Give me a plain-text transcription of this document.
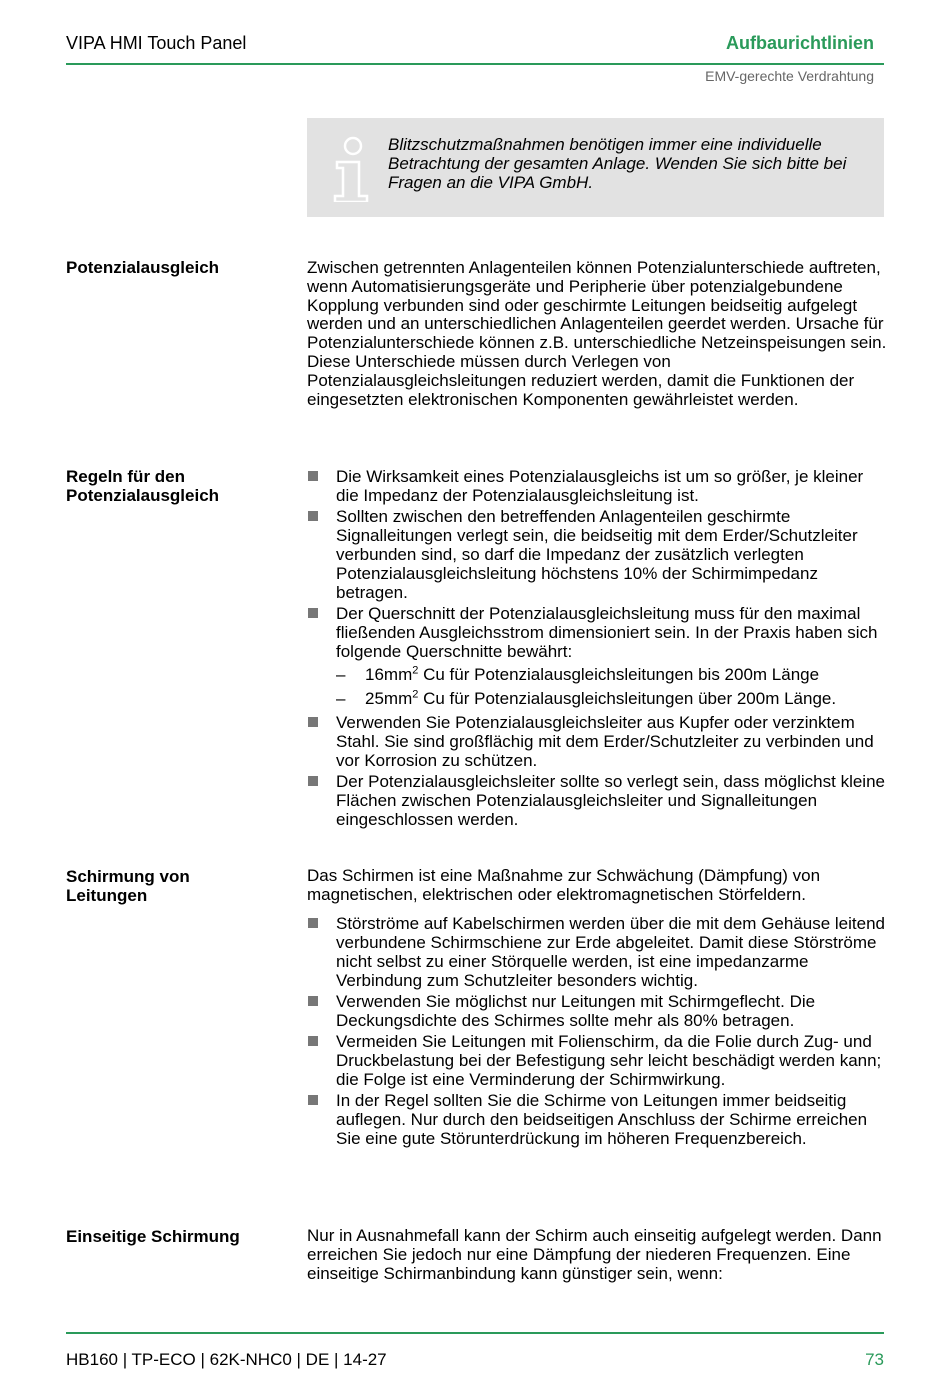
VIPA HMI Touch Panel	Aufbaurichtlinien
EMV-gerechte Verdrahtung
Blitzschutzmaßnahmen benötigen immer eine individuelle Betrachtung der gesamten Anlage. Wenden Sie sich bitte bei Fragen an die VIPA GmbH.
Potenzialausgleich	Zwischen getrennten Anlagenteilen können Potenzialunterschiede auftreten, wenn Automatisierungsgeräte und Peripherie über potenzialgebundene Kopplung verbunden sind oder geschirmte Leitungen beidseitig aufgelegt werden und an unterschiedlichen Anlagenteilen geerdet werden. Ursache für Potenzialunterschiede können z.B. unterschiedliche Netzeinspeisungen sein. Diese Unterschiede müssen durch Verlegen von Potenzialausgleichsleitungen reduziert werden, damit die Funktionen der eingesetzten elektronischen Komponenten gewährleistet werden.
Regeln für den Potenzialausgleich
Die Wirksamkeit eines Potenzialausgleichs ist um so größer, je kleiner die Impedanz der Potenzialausgleichsleitung ist.
Sollten zwischen den betreffenden Anlagenteilen geschirmte Signalleitungen verlegt sein, die beidseitig mit dem Erder/Schutzleiter verbunden sind, so darf die Impedanz der zusätzlich verlegten Potenzialausgleichsleitung höchstens 10% der Schirmimpedanz betragen.
Der Querschnitt der Potenzialausgleichsleitung muss für den maximal fließenden Ausgleichsstrom dimensioniert sein. In der Praxis haben sich folgende Querschnitte bewährt:
– $16mm^2$ Cu für Potenzialausgleichsleitungen bis 200m Länge
– $25mm^2$ Cu für Potenzialausgleichsleitungen über 200m Länge.
Verwenden Sie Potenzialausgleichsleiter aus Kupfer oder verzinktem Stahl. Sie sind großflächig mit dem Erder/Schutzleiter zu verbinden und vor Korrosion zu schützen.
Der Potenzialausgleichsleiter sollte so verlegt sein, dass möglichst kleine Flächen zwischen Potenzialausgleichsleiter und Signalleitungen eingeschlossen werden.
Schirmung von Leitungen
Das Schirmen ist eine Maßnahme zur Schwächung (Dämpfung) von magnetischen, elektrischen oder elektromagnetischen Störfeldern.
Störströme auf Kabelschirmen werden über die mit dem Gehäuse leitend verbundene Schirmschiene zur Erde abgeleitet. Damit diese Störströme nicht selbst zu einer Störquelle werden, ist eine impedanzarme Verbindung zum Schutzleiter besonders wichtig.
Verwenden Sie möglichst nur Leitungen mit Schirmgeflecht. Die Deckungsdichte des Schirmes sollte mehr als 80% betragen.
Vermeiden Sie Leitungen mit Folienschirm, da die Folie durch Zug- und Druckbelastung bei der Befestigung sehr leicht beschädigt werden kann; die Folge ist eine Verminderung der Schirmwirkung.
In der Regel sollten Sie die Schirme von Leitungen immer beidseitig auflegen. Nur durch den beidseitigen Anschluss der Schirme erreichen Sie eine gute Störunterdrückung im höheren Frequenzbereich.
Einseitige Schirmung	Nur in Ausnahmefall kann der Schirm auch einseitig aufgelegt werden. Dann erreichen Sie jedoch nur eine Dämpfung der niederen Frequenzen. Eine einseitige Schirmanbindung kann günstiger sein, wenn:
HB160 | TP-ECO | 62K-NHC0 | DE | 14-27	73
